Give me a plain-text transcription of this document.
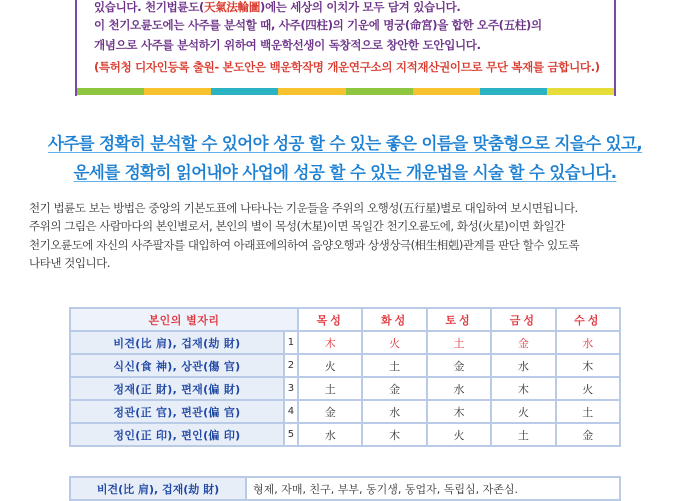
있습니다. 천기법륜도(天氣法輪圖)에는 세상의 이치가 모두 담겨 있습니다.
이 천기오륜도에는 사주를 분석할 때, 사주(四柱)의 기운에 명궁(命宮)을 합한 오주(五柱)의
개념으로 사주를 분석하기 위하여 백운학선생이 독창적으로 창안한 도안입니다.
(특허청 디자인등록 출원- 본도안은 백운학작명 개운연구소의 지적재산권이므로 무단 복재를 금합니다.)
사주를 정확히 분석할 수 있어야 성공 할 수 있는 좋은 이름을 맞춤형으로 지을수 있고,
운세를 정확히 읽어내야 사업에 성공 할 수 있는 개운법을 시술 할 수 있습니다.
천기 법륜도 보는 방법은 중앙의 기본도표에 나타나는 기운들을 주위의 오행성(五行星)별로 대입하여 보시면됩니다.
주위의 그림은 사람마다의 본인별로서, 본인의 별이 목성(木星)이면 목일간 천기오륜도에, 화성(火星)이면 화일간
천기오륜도에 자신의 사주팔자를 대입하여 아래표에의하여 음양오행과 상생상극(相生相剋)관계를 판단 할수 있도록
나타낸 것입니다.
본인의 별자리		목성	화성	토성	금성	수성
비견(比 肩), 겁재(劫 財)	1	木	火	土	金	水
식신(食 神), 상관(傷 官)	2	火	土	金	水	木
정재(正 財), 편재(偏 財)	3	土	金	水	木	火
정관(正 官), 편관(偏 官)	4	金	水	木	火	土
정인(正 印), 편인(偏 印)	5	水	木	火	土	金
비견(比 肩), 겁재(劫 財)	형제, 자매, 친구, 부부, 동기생, 동업자, 독립심, 자존심.
